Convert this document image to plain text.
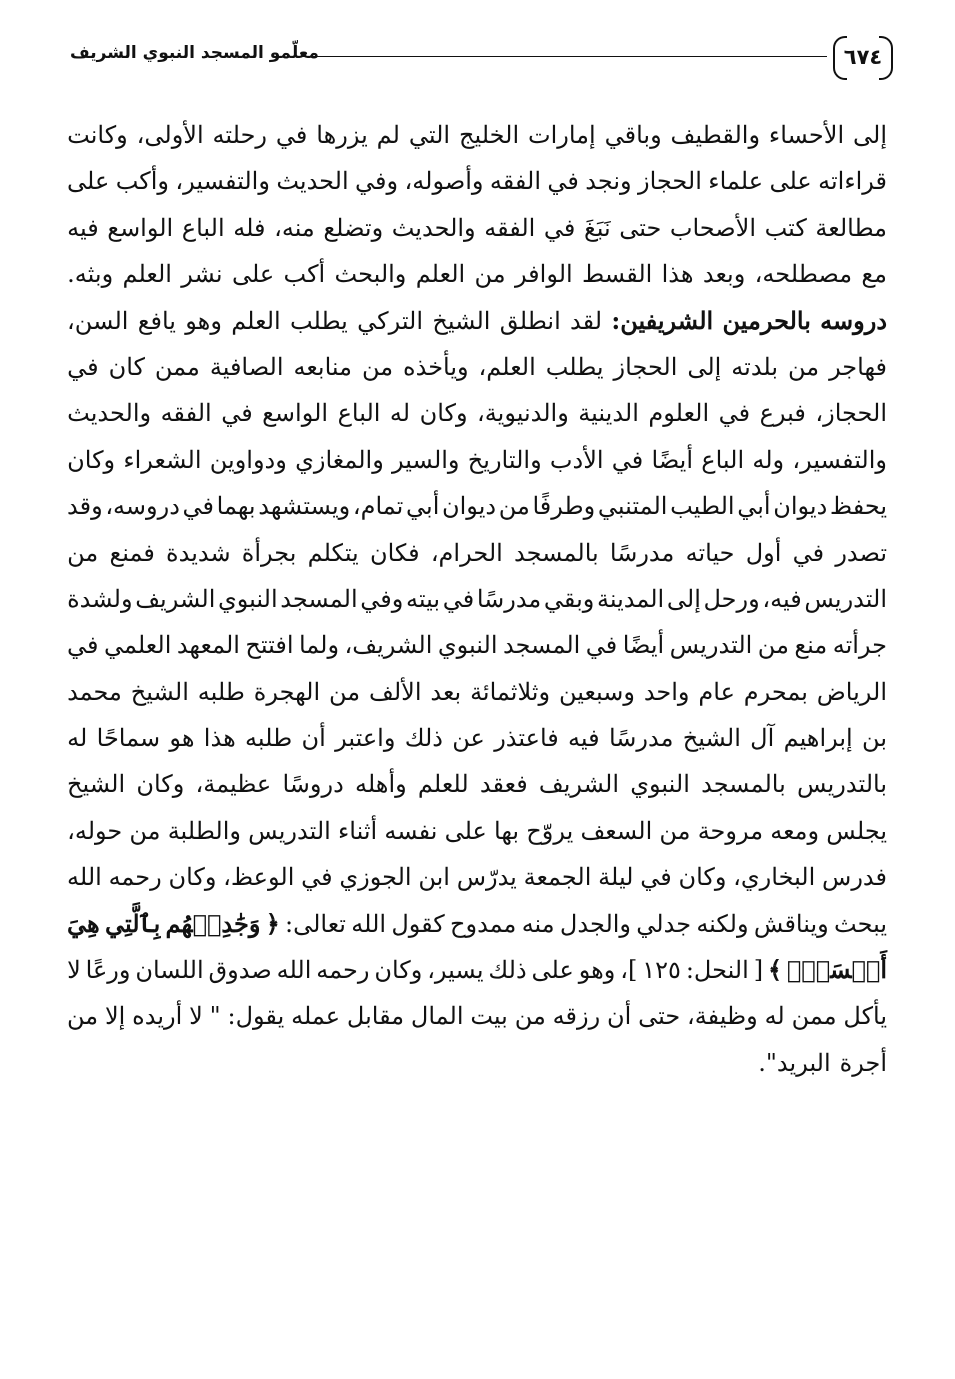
٦٧٤
معلّمو المسجد النبوي الشريف
إلى
الأحساء
والقطيف
وباقي
إمارات
الخليج
التي
لم
يزرها
في
رحلته
الأولى،
وكانت
قراءاته
على
علماء
الحجاز
ونجد
في
الفقه
وأصوله،
وفي
الحديث
والتفسير،
وأكب
على
مطالعة
كتب
الأصحاب
حتى
نَبَغَ
في
الفقه
والحديث
وتضلع
منه،
فله
الباع
الواسع
فيه
مع
مصطلحه،
وبعد
هذا
القسط
الوافر
من
العلم
والبحث
أكب
على
نشر
العلم
وبثه.
دروسه
بالحرمين
الشريفين:
لقد
انطلق
الشيخ
التركي
يطلب
العلم
وهو
يافع
السن،
فهاجر
من
بلدته
إلى
الحجاز
يطلب
العلم،
ويأخذه
من
منابعه
الصافية
ممن
كان
في
الحجاز،
فبرع
في
العلوم
الدينية
والدنيوية،
وكان
له
الباع
الواسع
في
الفقه
والحديث
والتفسير،
وله
الباع
أيضًا
في
الأدب
والتاريخ
والسير
والمغازي
ودواوين
الشعراء
وكان
يحفظ
ديوان
أبي
الطيب
المتنبي
وطرفًا
من
ديوان
أبي
تمام،
ويستشهد
بهما
في
دروسه،
وقد
تصدر
في
أول
حياته
مدرسًا
بالمسجد
الحرام،
فكان
يتكلم
بجرأة
شديدة
فمنع
من
التدريس
فيه،
ورحل
إلى
المدينة
وبقي
مدرسًا
في
بيته
وفي
المسجد
النبوي
الشريف
ولشدة
جرأته
منع
من
التدريس
أيضًا
في
المسجد
النبوي
الشريف،
ولما
افتتح
المعهد
العلمي
في
الرياض
بمحرم
عام
واحد
وسبعين
وثلاثمائة
بعد
الألف
من
الهجرة
طلبه
الشيخ
محمد
بن
إبراهيم
آل
الشيخ
مدرسًا
فيه
فاعتذر
عن
ذلك
واعتبر
أن
طلبه
هذا
هو
سماحًا
له
بالتدريس
بالمسجد
النبوي
الشريف
فعقد
للعلم
وأهله
دروسًا
عظيمة،
وكان
الشيخ
يجلس
ومعه
مروحة
من
السعف
يروّح
بها
على
نفسه
أثناء
التدريس
والطلبة
من
حوله،
فدرس
البخاري،
وكان
في
ليلة
الجمعة
يدرّس
ابن
الجوزي
في
الوعظ،
وكان
رحمه
الله
يبحث
ويناقش
ولكنه
جدلي
والجدل
منه
ممدوح
كقول
الله
تعالى:
﴿
وَجَٰدِلۡهُم
بِٱلَّتِي
هِيَ
أَحۡسَنُۚ
﴾
[
النحل:
١٢٥
]،
وهو
على
ذلك
يسير،
وكان
رحمه
الله
صدوق
اللسان
ورعًا
لا
يأكل
ممن
له
وظيفة،
حتى
أن
رزقه
من
بيت
المال
مقابل
عمله
يقول:
"
لا
أريده
إلا
من
أجرة
البريد".
